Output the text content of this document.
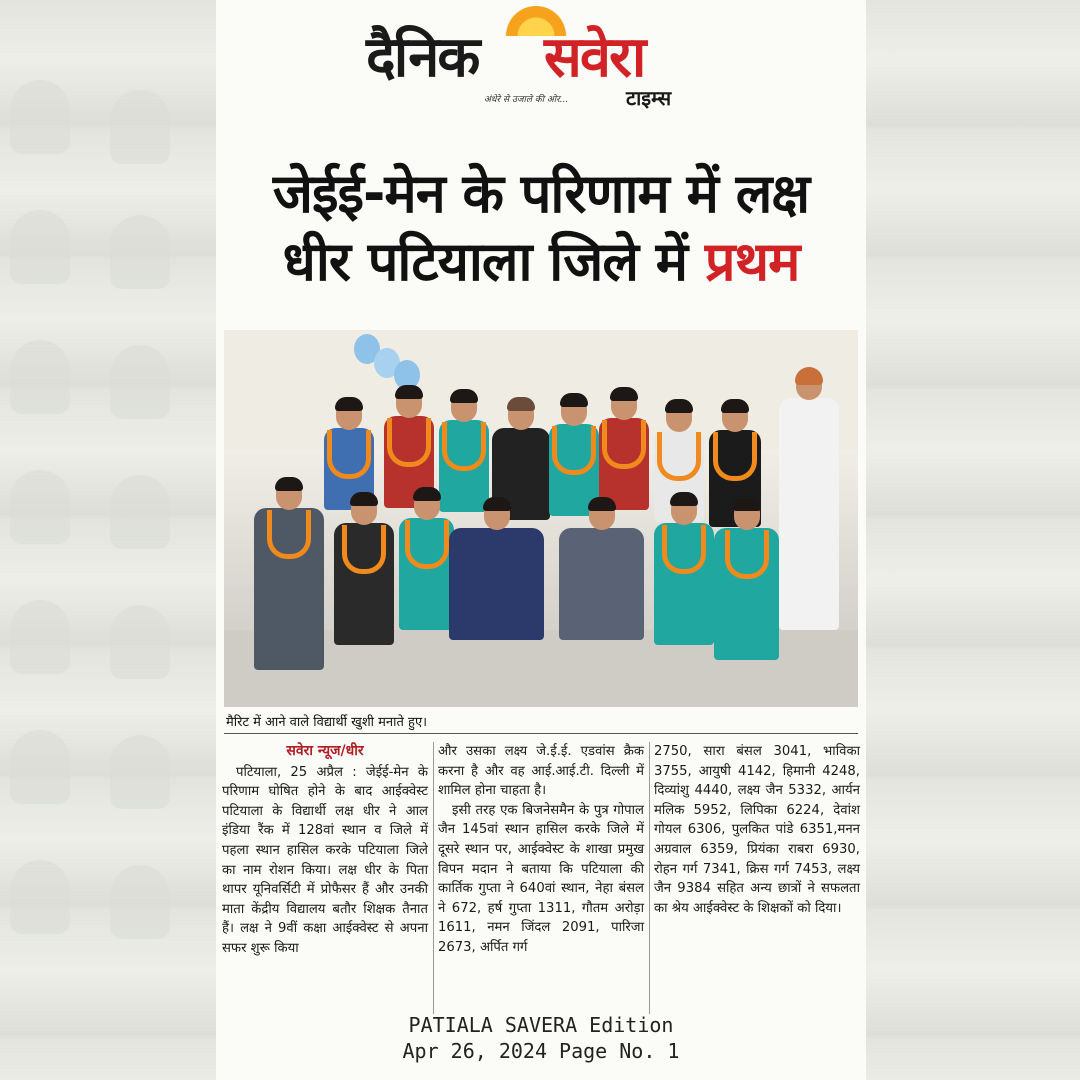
दैनिक सवेरा
अंधेरे से उजाले की ओर...	टाइम्स
जेईई-मेन के परिणाम में लक्ष
धीर पटियाला जिले में प्रथम
मैरिट में आने वाले विद्यार्थी खुशी मनाते हुए।
सवेरा न्यूज/धीर

पटियाला, 25 अप्रैल : जेईई-मेन के परिणाम घोषित होने के बाद आईक्वेस्ट पटियाला के विद्यार्थी लक्ष धीर ने आल इंडिया रैंक में 128वां स्थान व जिले में पहला स्थान हासिल करके पटियाला जिले का नाम रोशन किया। लक्ष धीर के पिता थापर यूनिवर्सिटी में प्रोफैसर हैं और उनकी माता केंद्रीय विद्यालय बतौर शिक्षक तैनात हैं। लक्ष ने 9वीं कक्षा आईक्वेस्ट से अपना सफर शुरू किया

और उसका लक्ष्य जे.ई.ई. एडवांस क्रैक करना है और वह आई.आई.टी. दिल्ली में शामिल होना चाहता है।

इसी तरह एक बिजनेसमैन के पुत्र गोपाल जैन 145वां स्थान हासिल करके जिले में दूसरे स्थान पर, आईक्वेस्ट के शाखा प्रमुख विपन मदान ने बताया कि पटियाला की कार्तिक गुप्ता ने 640वां स्थान, नेहा बंसल ने 672, हर्ष गुप्ता 1311, गौतम अरोड़ा 1611, नमन जिंदल 2091, पारिजा 2673, अर्पित गर्ग

2750, सारा बंसल 3041, भाविका 3755, आयुषी 4142, हिमानी 4248, दिव्यांशु 4440, लक्ष्य जैन 5332, आर्यन मलिक 5952, लिपिका 6224, देवांश गोयल 6306, पुलकित पांडे 6351,मनन अग्रवाल 6359, प्रियंका राबरा 6930, रोहन गर्ग 7341, क्रिस गर्ग 7453, लक्ष्य जैन 9384 सहित अन्य छात्रों ने सफलता का श्रेय आईक्वेस्ट के शिक्षकों को दिया।

PATIALA SAVERA Edition
Apr 26, 2024 Page No. 1
